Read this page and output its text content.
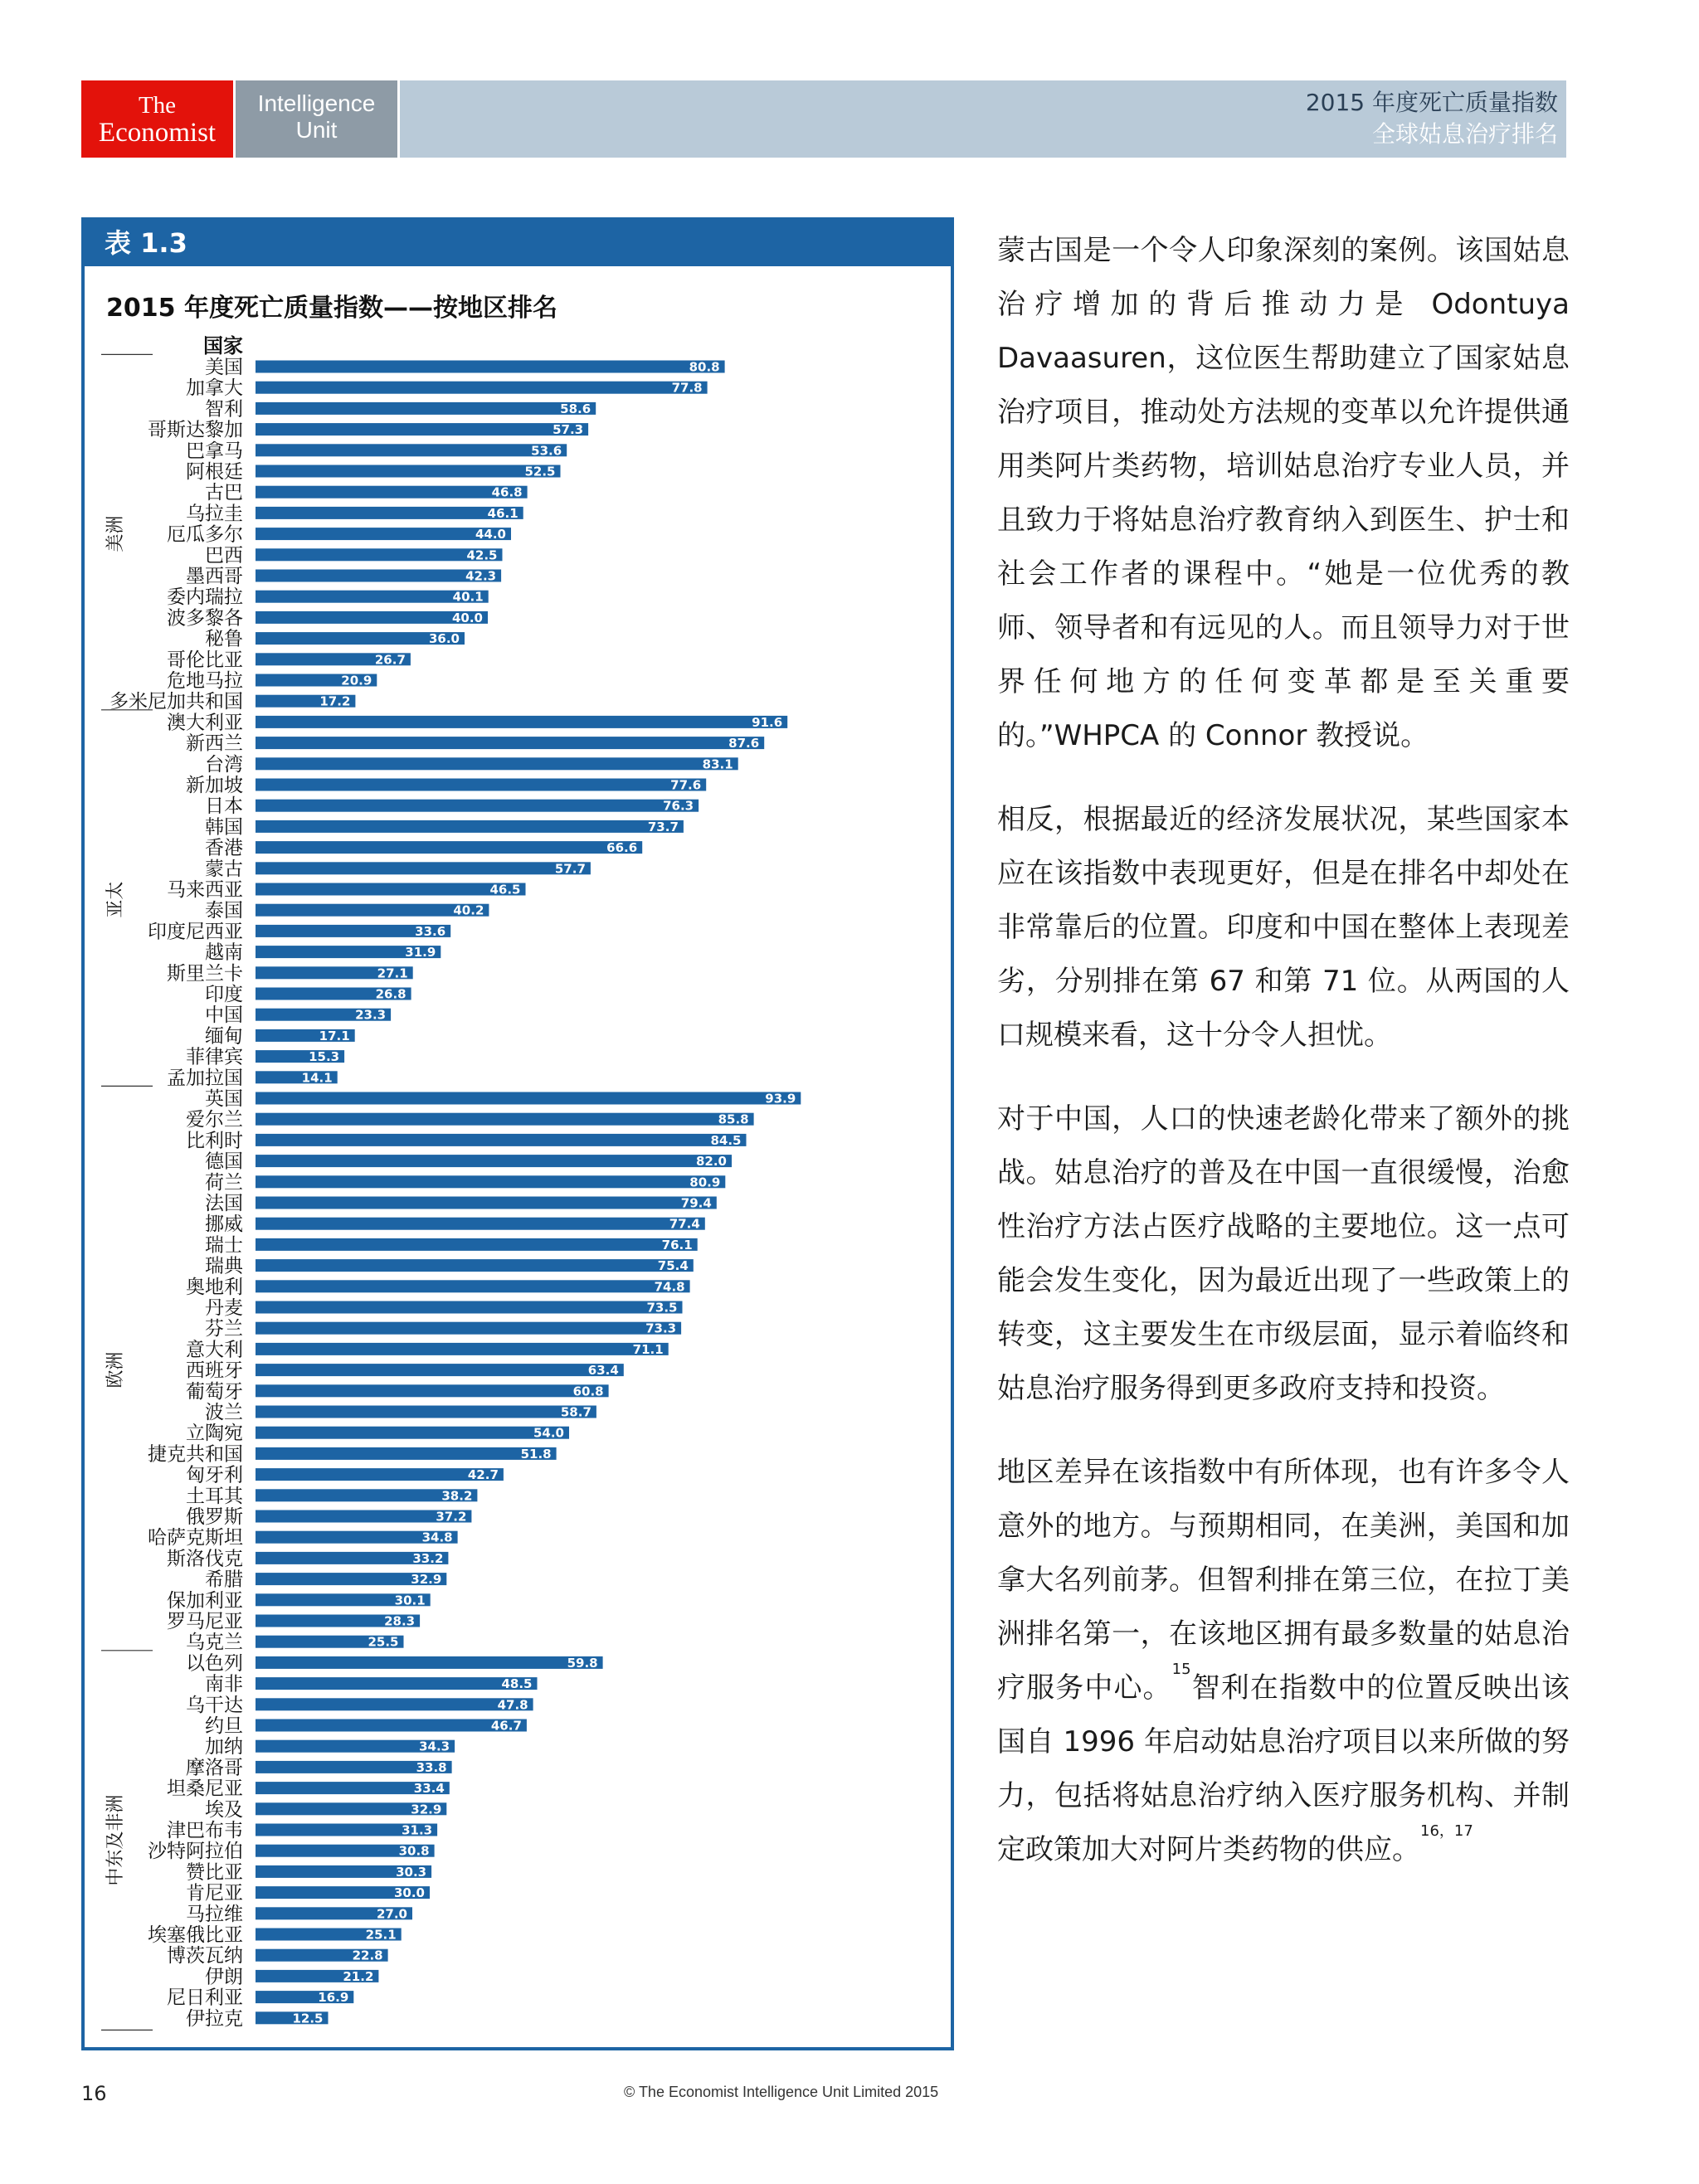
The
Economist
Intelligence
Unit
2015 年度死亡质量指数
全球姑息治疗排名
表 1.3
2015 年度死亡质量指数——按地区排名
国家
美国	80.8
加拿大	77.8
智利	58.6
哥斯达黎加	57.3
巴拿马	53.6
阿根廷	52.5
古巴	46.8
乌拉圭	46.1
厄瓜多尔	44.0
巴西	42.5
墨西哥	42.3
委内瑞拉	40.1
波多黎各	40.0
秘鲁	36.0
哥伦比亚	26.7
危地马拉	20.9
多米尼加共和国	17.2
美洲
澳大利亚	91.6
新西兰	87.6
台湾	83.1
新加坡	77.6
日本	76.3
韩国	73.7
香港	66.6
蒙古	57.7
马来西亚	46.5
泰国	40.2
印度尼西亚	33.6
越南	31.9
斯里兰卡	27.1
印度	26.8
中国	23.3
缅甸	17.1
菲律宾	15.3
孟加拉国	14.1
亚太
英国	93.9
爱尔兰	85.8
比利时	84.5
德国	82.0
荷兰	80.9
法国	79.4
挪威	77.4
瑞士	76.1
瑞典	75.4
奥地利	74.8
丹麦	73.5
芬兰	73.3
意大利	71.1
西班牙	63.4
葡萄牙	60.8
波兰	58.7
立陶宛	54.0
捷克共和国	51.8
匈牙利	42.7
土耳其	38.2
俄罗斯	37.2
哈萨克斯坦	34.8
斯洛伐克	33.2
希腊	32.9
保加利亚	30.1
罗马尼亚	28.3
乌克兰	25.5
欧洲
以色列	59.8
南非	48.5
乌干达	47.8
约旦	46.7
加纳	34.3
摩洛哥	33.8
坦桑尼亚	33.4
埃及	32.9
津巴布韦	31.3
沙特阿拉伯	30.8
赞比亚	30.3
肯尼亚	30.0
马拉维	27.0
埃塞俄比亚	25.1
博茨瓦纳	22.8
伊朗	21.2
尼日利亚	16.9
伊拉克	12.5
中东及非洲

蒙古国是一个令人印象深刻的案例。该国姑息治疗增加的背后推动力是 Odontuya Davaasuren，这位医生帮助建立了国家姑息治疗项目，推动处方法规的变革以允许提供通用类阿片类药物，培训姑息治疗专业人员，并且致力于将姑息治疗教育纳入到医生、护士和社会工作者的课程中。“她是一位优秀的教师、领导者和有远见的人。而且领导力对于世界任何地方的任何变革都是至关重要的。”WHPCA 的 Connor 教授说。

相反，根据最近的经济发展状况，某些国家本应在该指数中表现更好，但是在排名中却处在非常靠后的位置。印度和中国在整体上表现差劣，分别排在第 67 和第 71 位。从两国的人口规模来看，这十分令人担忧。

对于中国，人口的快速老龄化带来了额外的挑战。姑息治疗的普及在中国一直很缓慢，治愈性治疗方法占医疗战略的主要地位。这一点可能会发生变化，因为最近出现了一些政策上的转变，这主要发生在市级层面，显示着临终和姑息治疗服务得到更多政府支持和投资。

地区差异在该指数中有所体现，也有许多令人意外的地方。与预期相同，在美洲，美国和加拿大名列前茅。但智利排在第三位，在拉丁美洲排名第一，在该地区拥有最多数量的姑息治疗服务中心。$^{15}$智利在指数中的位置反映出该国自 1996 年启动姑息治疗项目以来所做的努力，包括将姑息治疗纳入医疗服务机构、并制定政策加大对阿片类药物的供应。$^{16,17}$

16	© The Economist Intelligence Unit Limited 2015
